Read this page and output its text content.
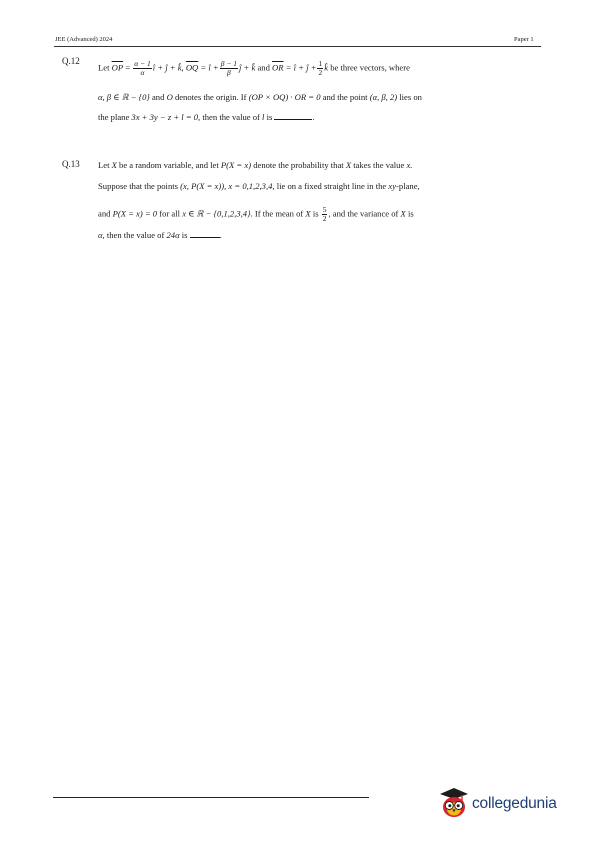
JEE (Advanced) 2024	Paper 1
Q.12
Let $\overline{OP} = \frac{\alpha - 1}{\alpha}$ î + ĵ + k̂, $\overline{OQ}$ = î + $\frac{\beta - 1}{\beta}$ ĵ + k̂ and $\overline{OR}$ = î + ĵ + $\frac{1}{2}$ k̂ be three vectors, where
α, β ∈ ℝ − {0} and O denotes the origin. If (OP × OQ) · OR = 0 and the point (α, β, 2) lies on
the plane 3x + 3y − z + l = 0, then the value of l is	.
Q.13 Let X be a random variable, and let P(X = x) denote the probability that X takes the value x.
Suppose that the points (x, P(X = x)), x = 0,1,2,3,4, lie on a fixed straight line in the xy-plane,
and P(X = x) = 0 for all x ∈ ℝ − {0,1,2,3,4}. If the mean of X is $\frac{5}{2}$ , and the variance of X is
α, then the value of 24α is	.
collegedunia
